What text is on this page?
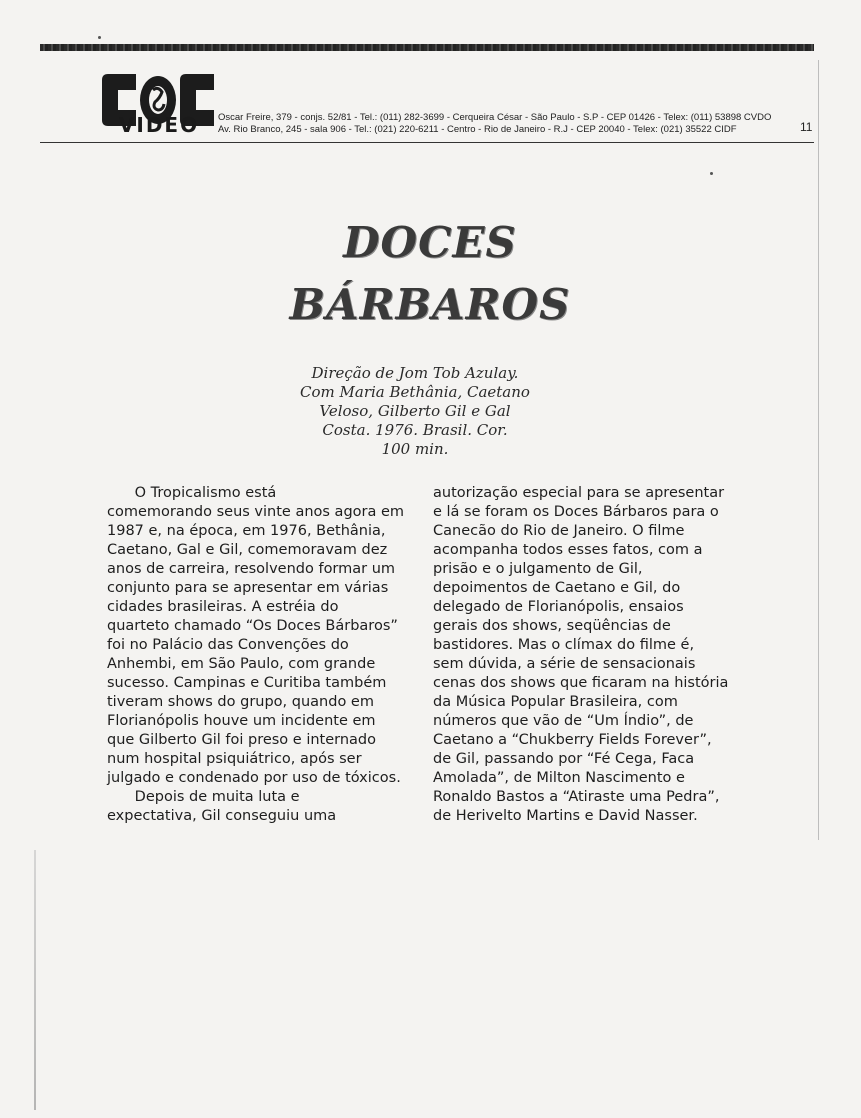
VIDEO	Oscar Freire, 379 - conjs. 52/81 - Tel.: (011) 282-3699 - Cerqueira César - São Paulo - S.P - CEP 01426 - Telex: (011) 53898 CVDO
Av. Rio Branco, 245 - sala 906 - Tel.: (021) 220-6211 - Centro - Rio de Janeiro - R.J - CEP 20040 - Telex: (021) 35522 CIDF	11
DOCES
BÁRBAROS
Direção de Jom Tob Azulay.
Com Maria Bethânia, Caetano
Veloso, Gilberto Gil e Gal
Costa. 1976. Brasil. Cor.
100 min.
O Tropicalismo está
comemorando seus vinte anos agora em
1987 e, na época, em 1976, Bethânia,
Caetano, Gal e Gil, comemoravam dez
anos de carreira, resolvendo formar um
conjunto para se apresentar em várias
cidades brasileiras. A estréia do
quarteto chamado “Os Doces Bárbaros”
foi no Palácio das Convenções do
Anhembi, em São Paulo, com grande
sucesso. Campinas e Curitiba também
tiveram shows do grupo, quando em
Florianópolis houve um incidente em
que Gilberto Gil foi preso e internado
num hospital psiquiátrico, após ser
julgado e condenado por uso de tóxicos.
Depois de muita luta e
expectativa, Gil conseguiu uma
autorização especial para se apresentar
e lá se foram os Doces Bárbaros para o
Canecão do Rio de Janeiro. O filme
acompanha todos esses fatos, com a
prisão e o julgamento de Gil,
depoimentos de Caetano e Gil, do
delegado de Florianópolis, ensaios
gerais dos shows, seqüências de
bastidores. Mas o clímax do filme é,
sem dúvida, a série de sensacionais
cenas dos shows que ficaram na história
da Música Popular Brasileira, com
números que vão de “Um Índio”, de
Caetano a “Chukberry Fields Forever”,
de Gil, passando por “Fé Cega, Faca
Amolada”, de Milton Nascimento e
Ronaldo Bastos a “Atiraste uma Pedra”,
de Herivelto Martins e David Nasser.
